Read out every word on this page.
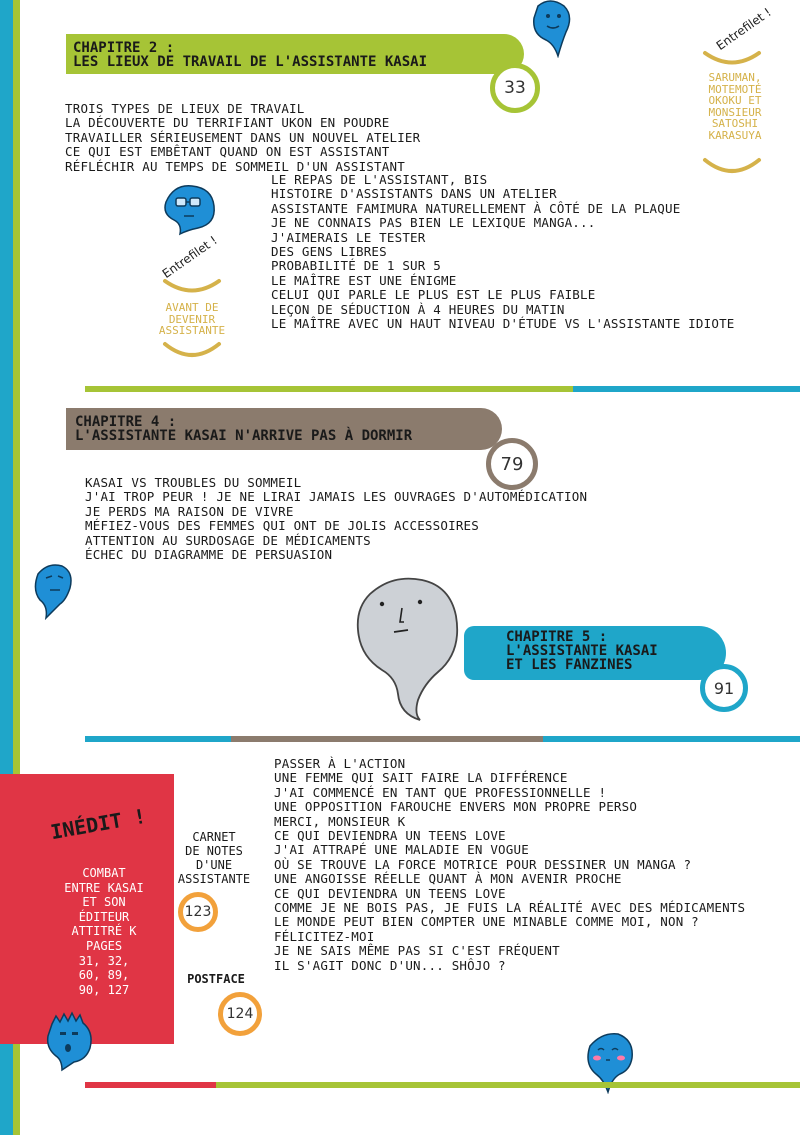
CHAPITRE 2 :
LES LIEUX DE TRAVAIL DE L'ASSISTANTE KASAI
33
TROIS TYPES DE LIEUX DE TRAVAIL
LA DÉCOUVERTE DU TERRIFIANT UKON EN POUDRE
TRAVAILLER SÉRIEUSEMENT DANS UN NOUVEL ATELIER
CE QUI EST EMBÊTANT QUAND ON EST ASSISTANT
RÉFLÉCHIR AU TEMPS DE SOMMEIL D'UN ASSISTANT
LE REPAS DE L'ASSISTANT, BIS
HISTOIRE D'ASSISTANTS DANS UN ATELIER
ASSISTANTE FAMIMURA NATURELLEMENT À CÔTÉ DE LA PLAQUE
JE NE CONNAIS PAS BIEN LE LEXIQUE MANGA...
J'AIMERAIS LE TESTER
DES GENS LIBRES
PROBABILITÉ DE 1 SUR 5
LE MAÎTRE EST UNE ÉNIGME
CELUI QUI PARLE LE PLUS EST LE PLUS FAIBLE
LEÇON DE SÉDUCTION À 4 HEURES DU MATIN
LE MAÎTRE AVEC UN HAUT NIVEAU D'ÉTUDE VS L'ASSISTANTE IDIOTE
Entrefilet !
SARUMAN,
MOTEMOTÉ
OKOKU ET
MONSIEUR
SATOSHI
KARASUYA
Entrefilet !
AVANT DE
DEVENIR
ASSISTANTE
CHAPITRE 4 :
L'ASSISTANTE KASAI N'ARRIVE PAS À DORMIR
79
KASAI VS TROUBLES DU SOMMEIL
J'AI TROP PEUR ! JE NE LIRAI JAMAIS LES OUVRAGES D'AUTOMÉDICATION
JE PERDS MA RAISON DE VIVRE
MÉFIEZ-VOUS DES FEMMES QUI ONT DE JOLIS ACCESSOIRES
ATTENTION AU SURDOSAGE DE MÉDICAMENTS
ÉCHEC DU DIAGRAMME DE PERSUASION
CHAPITRE 5 :
L'ASSISTANTE KASAI
ET LES FANZINES
91
PASSER À L'ACTION
UNE FEMME QUI SAIT FAIRE LA DIFFÉRENCE
J'AI COMMENCÉ EN TANT QUE PROFESSIONNELLE !
UNE OPPOSITION FAROUCHE ENVERS MON PROPRE PERSO
MERCI, MONSIEUR K
CE QUI DEVIENDRA UN TEENS LOVE
J'AI ATTRAPÉ UNE MALADIE EN VOGUE
OÙ SE TROUVE LA FORCE MOTRICE POUR DESSINER UN MANGA ?
UNE ANGOISSE RÉELLE QUANT À MON AVENIR PROCHE
CE QUI DEVIENDRA UN TEENS LOVE
COMME JE NE BOIS PAS, JE FUIS LA RÉALITÉ AVEC DES MÉDICAMENTS
LE MONDE PEUT BIEN COMPTER UNE MINABLE COMME MOI, NON ?
FÉLICITEZ-MOI
JE NE SAIS MÊME PAS SI C'EST FRÉQUENT
IL S'AGIT DONC D'UN... SHÔJO ?
INÉDIT !
COMBAT
ENTRE KASAI
ET SON
ÉDITEUR
ATTITRÉ K
PAGES
31, 32,
60, 89,
90, 127
CARNET
DE NOTES
D'UNE
ASSISTANTE
123
POSTFACE
124
